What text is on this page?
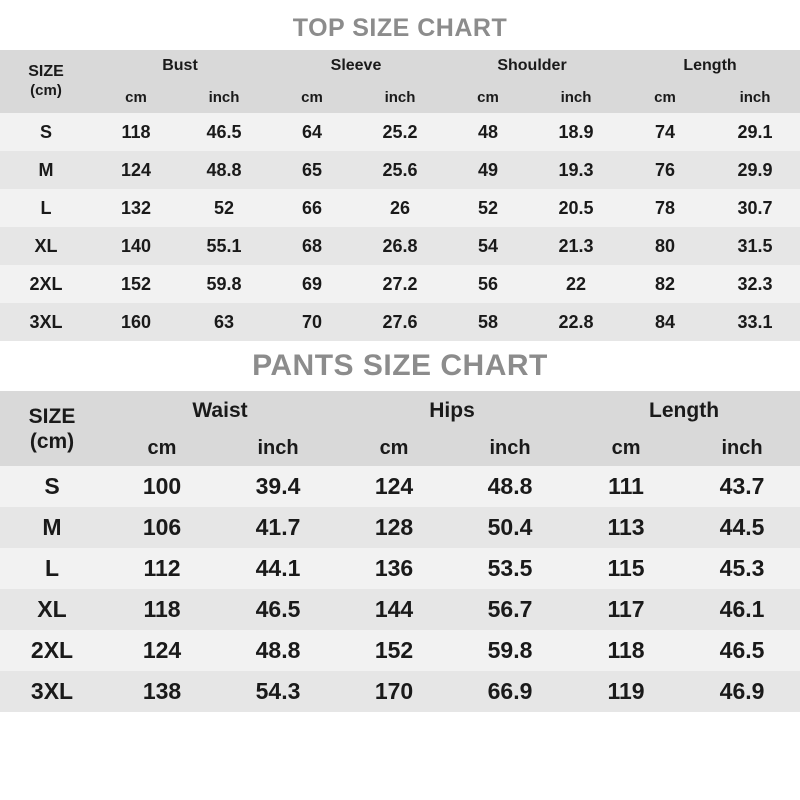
TOP SIZE CHART
SIZE	Bust		Sleeve		Shoulder		Length	
(cm)	cm	inch	cm	inch	cm	inch	cm	inch
S	118	46.5	64	25.2	48	18.9	74	29.1
M	124	48.8	65	25.6	49	19.3	76	29.9
L	132	52	66	26	52	20.5	78	30.7
XL	140	55.1	68	26.8	54	21.3	80	31.5
2XL	152	59.8	69	27.2	56	22	82	32.3
3XL	160	63	70	27.6	58	22.8	84	33.1
PANTS SIZE CHART
SIZE	Waist		Hips		Length	
(cm)	cm	inch	cm	inch	cm	inch
S	100	39.4	124	48.8	111	43.7
M	106	41.7	128	50.4	113	44.5
L	112	44.1	136	53.5	115	45.3
XL	118	46.5	144	56.7	117	46.1
2XL	124	48.8	152	59.8	118	46.5
3XL	138	54.3	170	66.9	119	46.9
